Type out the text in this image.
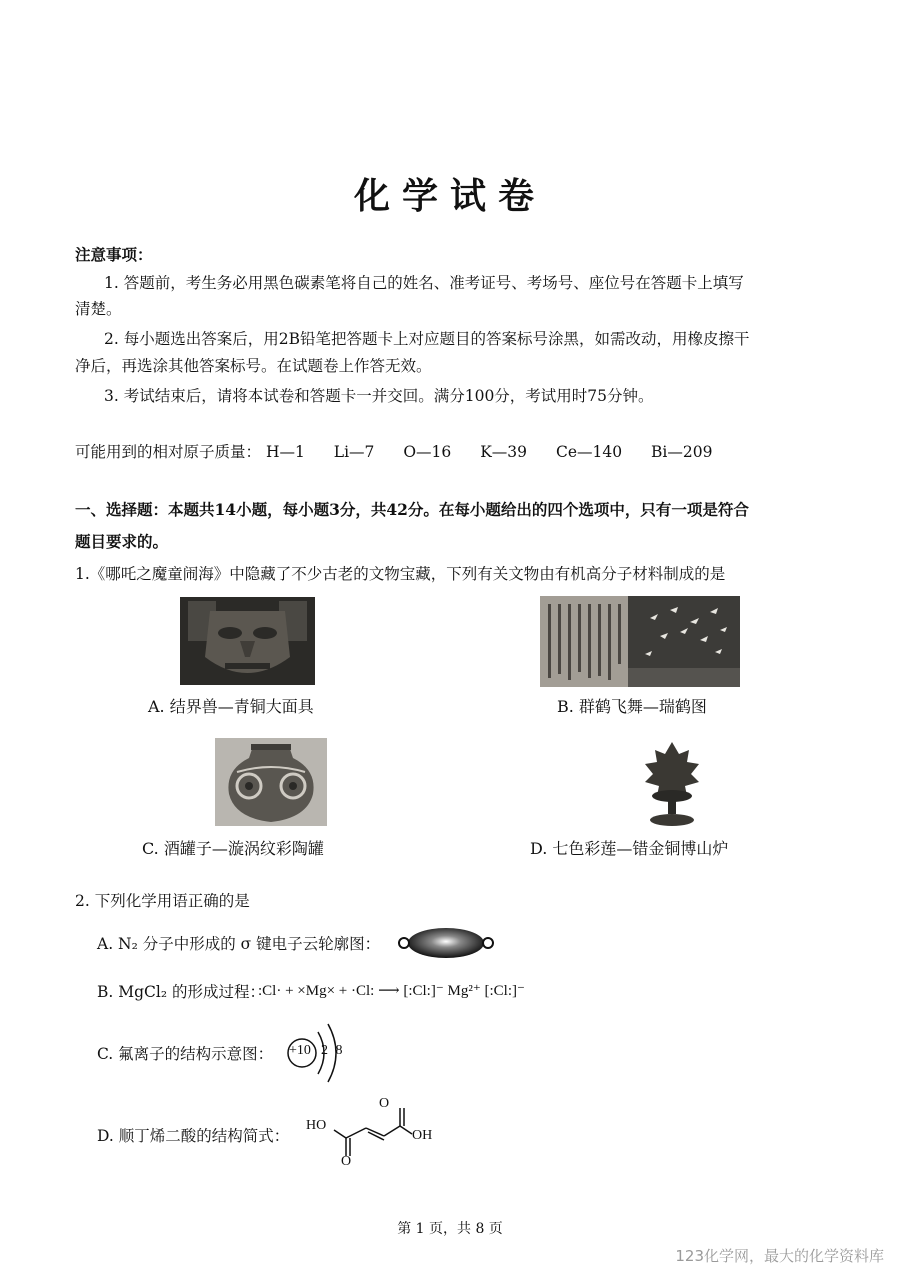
化学试卷
注意事项：
1. 答题前，考生务必用黑色碳素笔将自己的姓名、准考证号、考场号、座位号在答题卡上填写
清楚。
2. 每小题选出答案后，用2B铅笔把答题卡上对应题目的答案标号涂黑，如需改动，用橡皮擦干
净后，再选涂其他答案标号。在试题卷上作答无效。
3. 考试结束后，请将本试卷和答题卡一并交回。满分100分，考试用时75分钟。
可能用到的相对原子质量： H—1 Li—7 O—16 K—39 Ce—140 Bi—209
一、选择题：本题共14小题，每小题3分，共42分。在每小题给出的四个选项中，只有一项是符合
题目要求的。
1.《哪吒之魔童闹海》中隐藏了不少古老的文物宝藏，下列有关文物由有机高分子材料制成的是
A. 结界兽—青铜大面具	B. 群鹤飞舞—瑞鹤图
C. 酒罐子—漩涡纹彩陶罐	D. 七色彩莲—错金铜博山炉
2. 下列化学用语正确的是
A. N₂ 分子中形成的 σ 键电子云轮廓图：
B. MgCl₂ 的形成过程：
:Cl· + ×Mg× + ·Cl: ⟶ [:Cl:]⁻ Mg²⁺ [:Cl:]⁻
C. 氟离子的结构示意图： +10 2 8
D. 顺丁烯二酸的结构简式：
HO
OH
O
O
第 1 页，共 8 页
123化学网，最大的化学资料库
